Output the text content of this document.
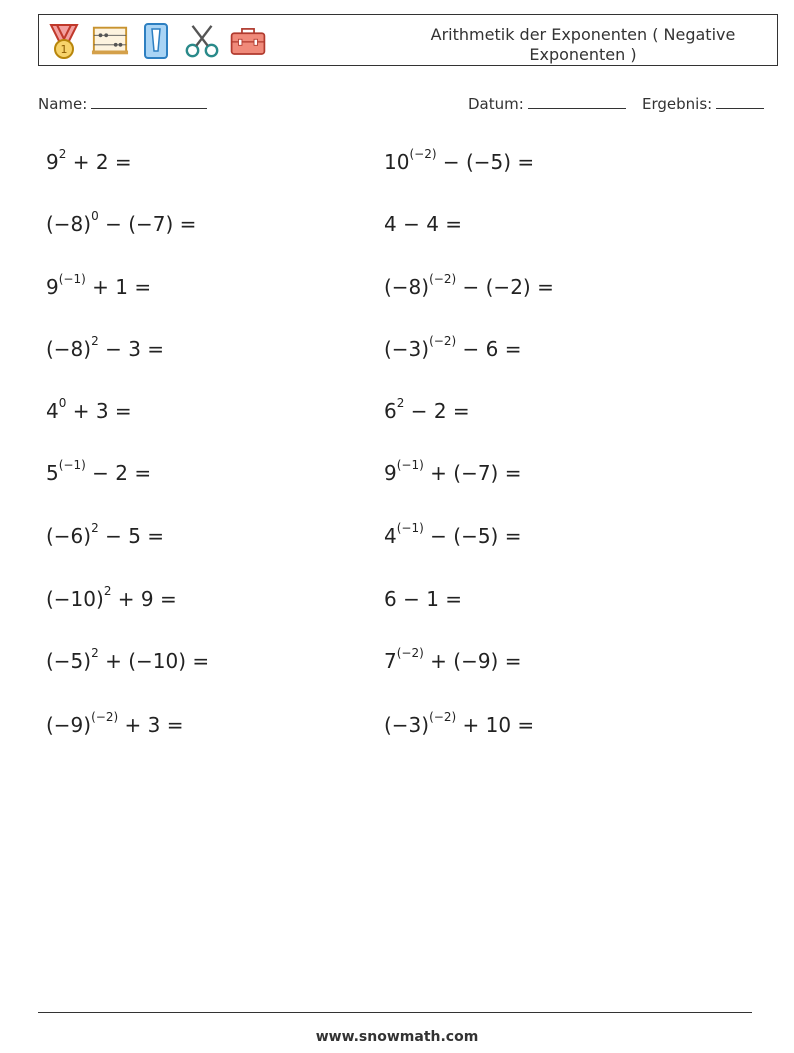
1
Arithmetik der Exponenten ( Negative Exponenten )
Name:	Datum:	Ergebnis:
$9^2 + 2$ =	$10^{(-2)} - (-5)$ =
$(-8)^0 - (-7)$ =	4 − 4 =
$9^{(-1)} + 1$ =	$(-8)^{(-2)} - (-2)$ =
$(-8)^2 - 3$ =	$(-3)^{(-2)} - 6$ =
$4^0 + 3$ =	$6^2 - 2$ =
$5^{(-1)} - 2$ =	$9^{(-1)} + (-7)$ =
$(-6)^2 - 5$ =	$4^{(-1)} - (-5)$ =
$(-10)^2 + 9$ =	6 − 1 =
$(-5)^2 + (-10)$ =	$7^{(-2)} + (-9)$ =
$(-9)^{(-2)} + 3$ =	$(-3)^{(-2)} + 10$ =
www.snowmath.com
